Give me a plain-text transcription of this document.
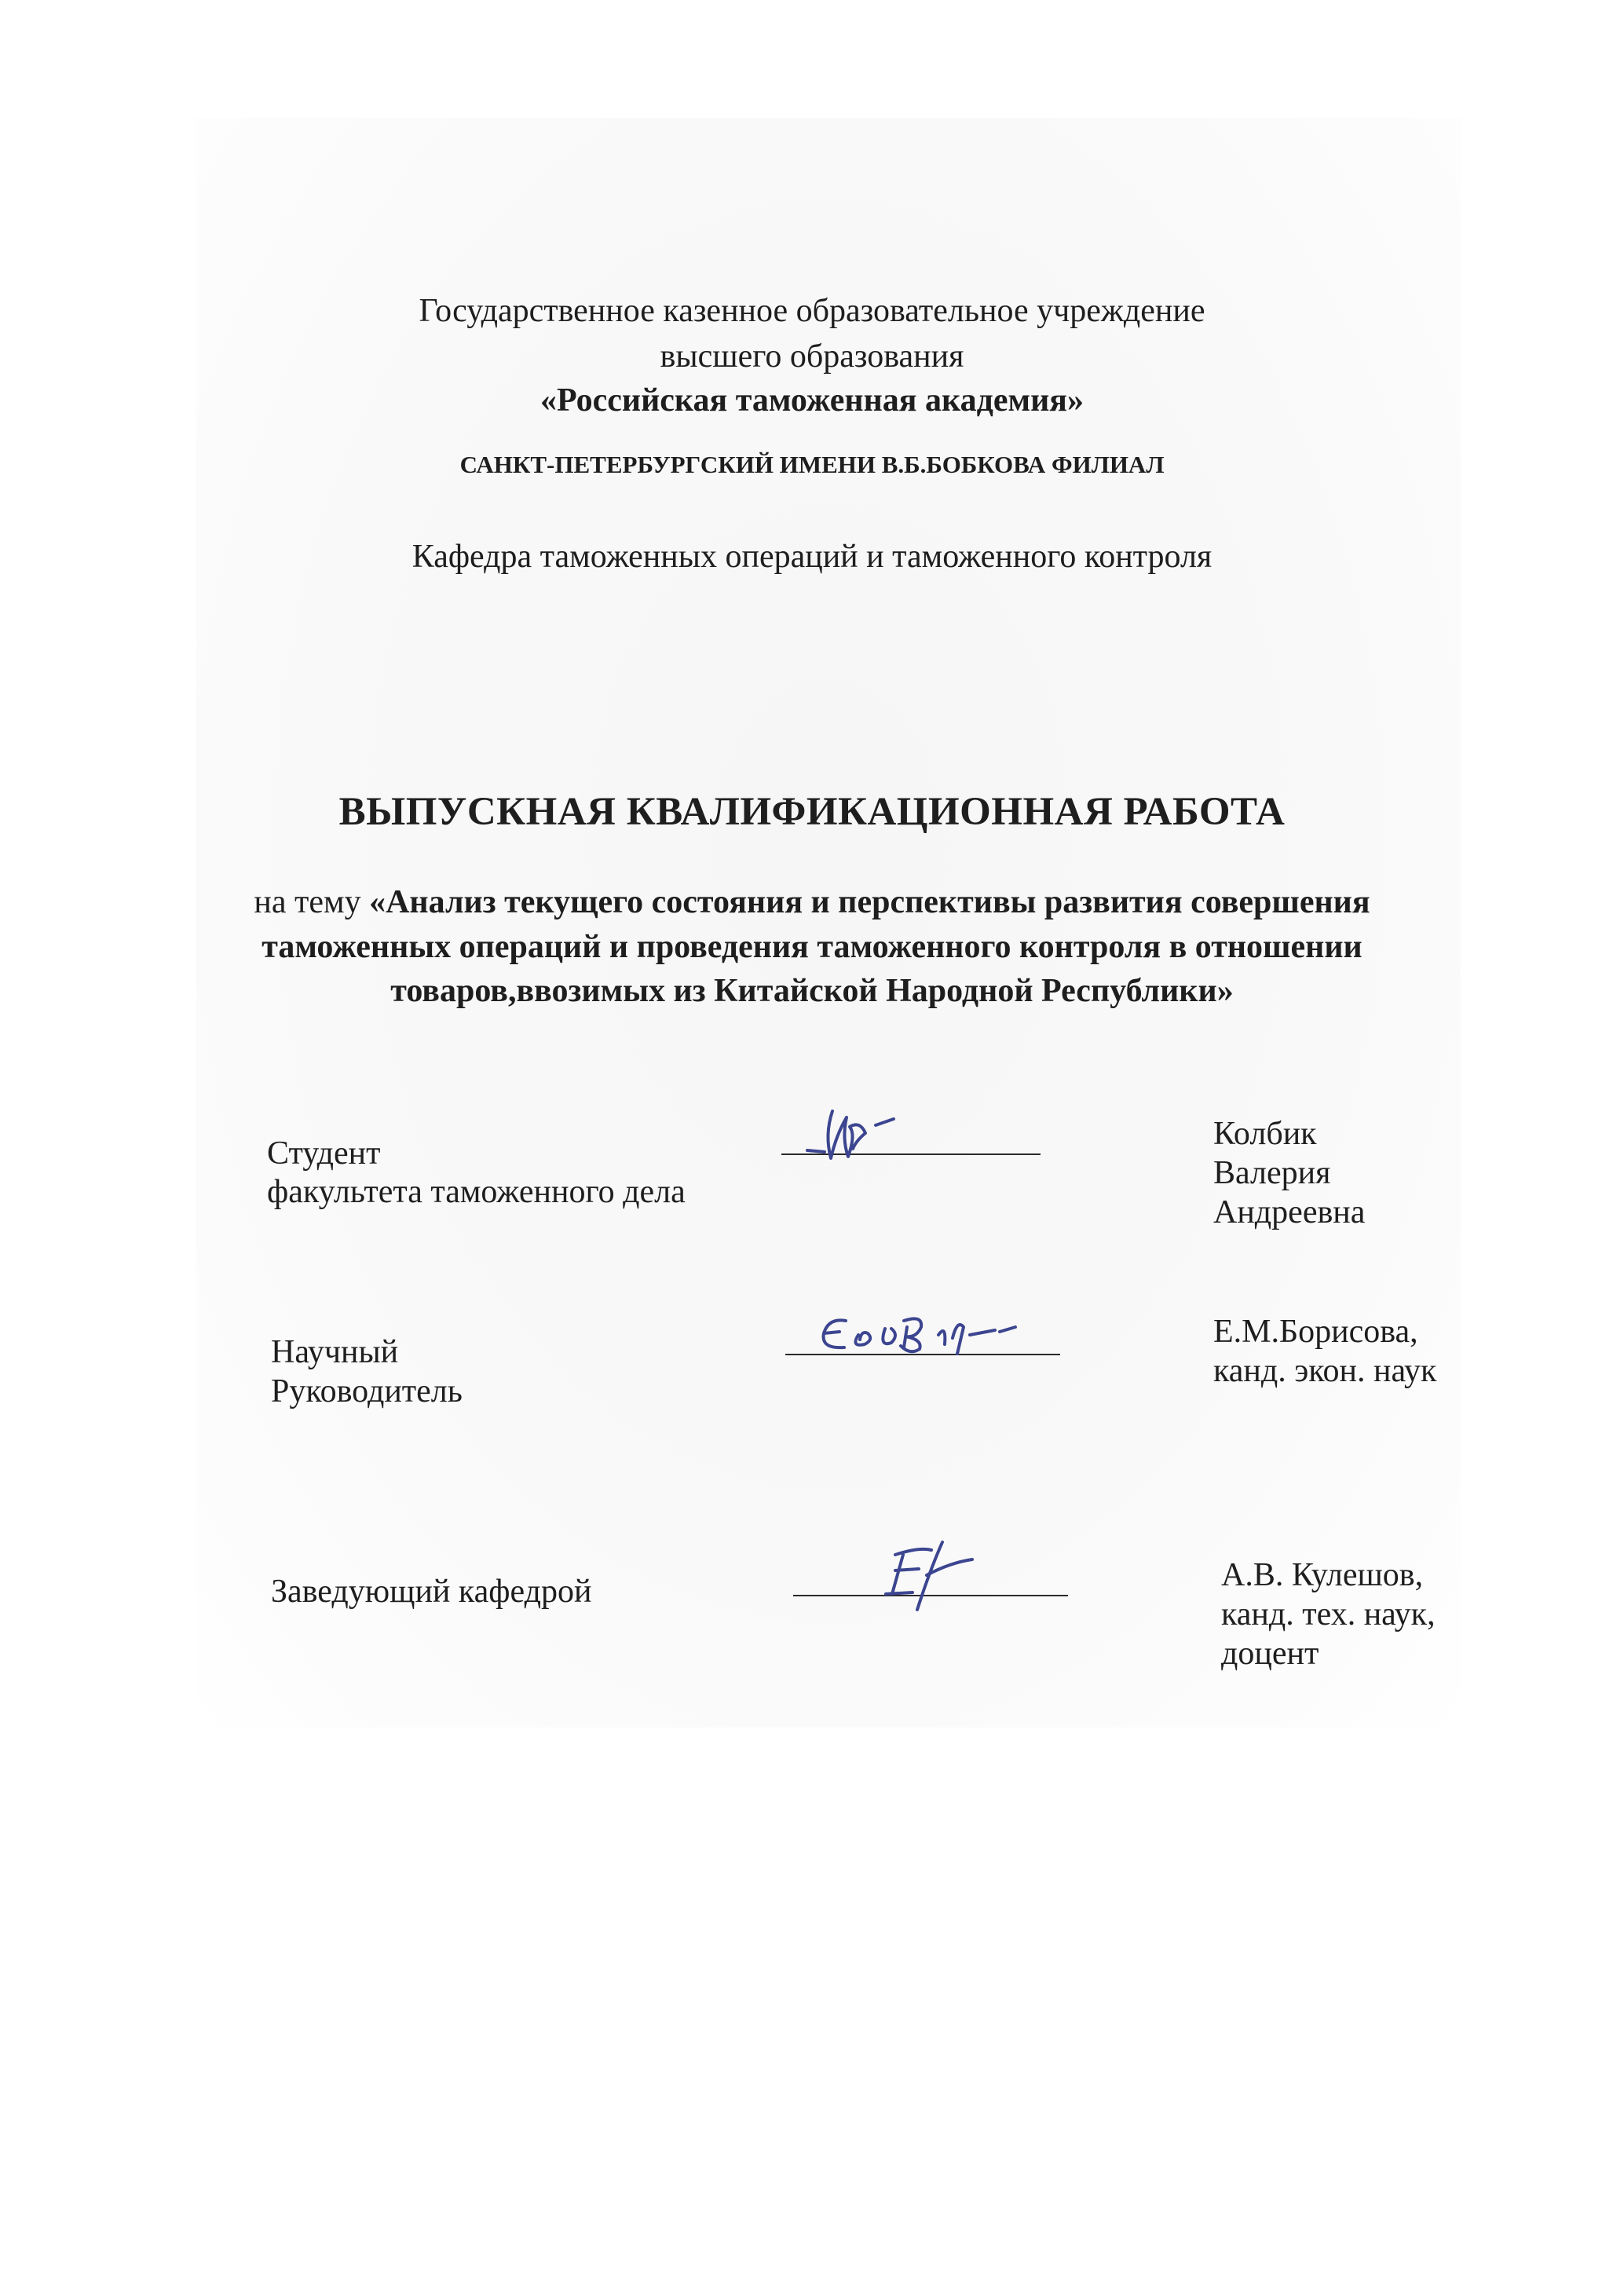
Государственное казенное образовательное учреждение
высшего образования
«Российская таможенная академия»
САНКТ-ПЕТЕРБУРГСКИЙ ИМЕНИ В.Б.БОБКОВА ФИЛИАЛ
Кафедра таможенных операций и таможенного контроля
ВЫПУСКНАЯ КВАЛИФИКАЦИОННАЯ РАБОТА
на тему «Анализ текущего состояния и перспективы развития совершения
таможенных операций и проведения таможенного контроля в отношении
товаров,ввозимых из Китайской Народной Республики»
Студент
факультета таможенного дела
Колбик
Валерия
Андреевна
Научный
Руководитель
Е.М.Борисова,
канд. экон. наук
Заведующий кафедрой	А.В. Кулешов,
канд. тех. наук,
доцент
